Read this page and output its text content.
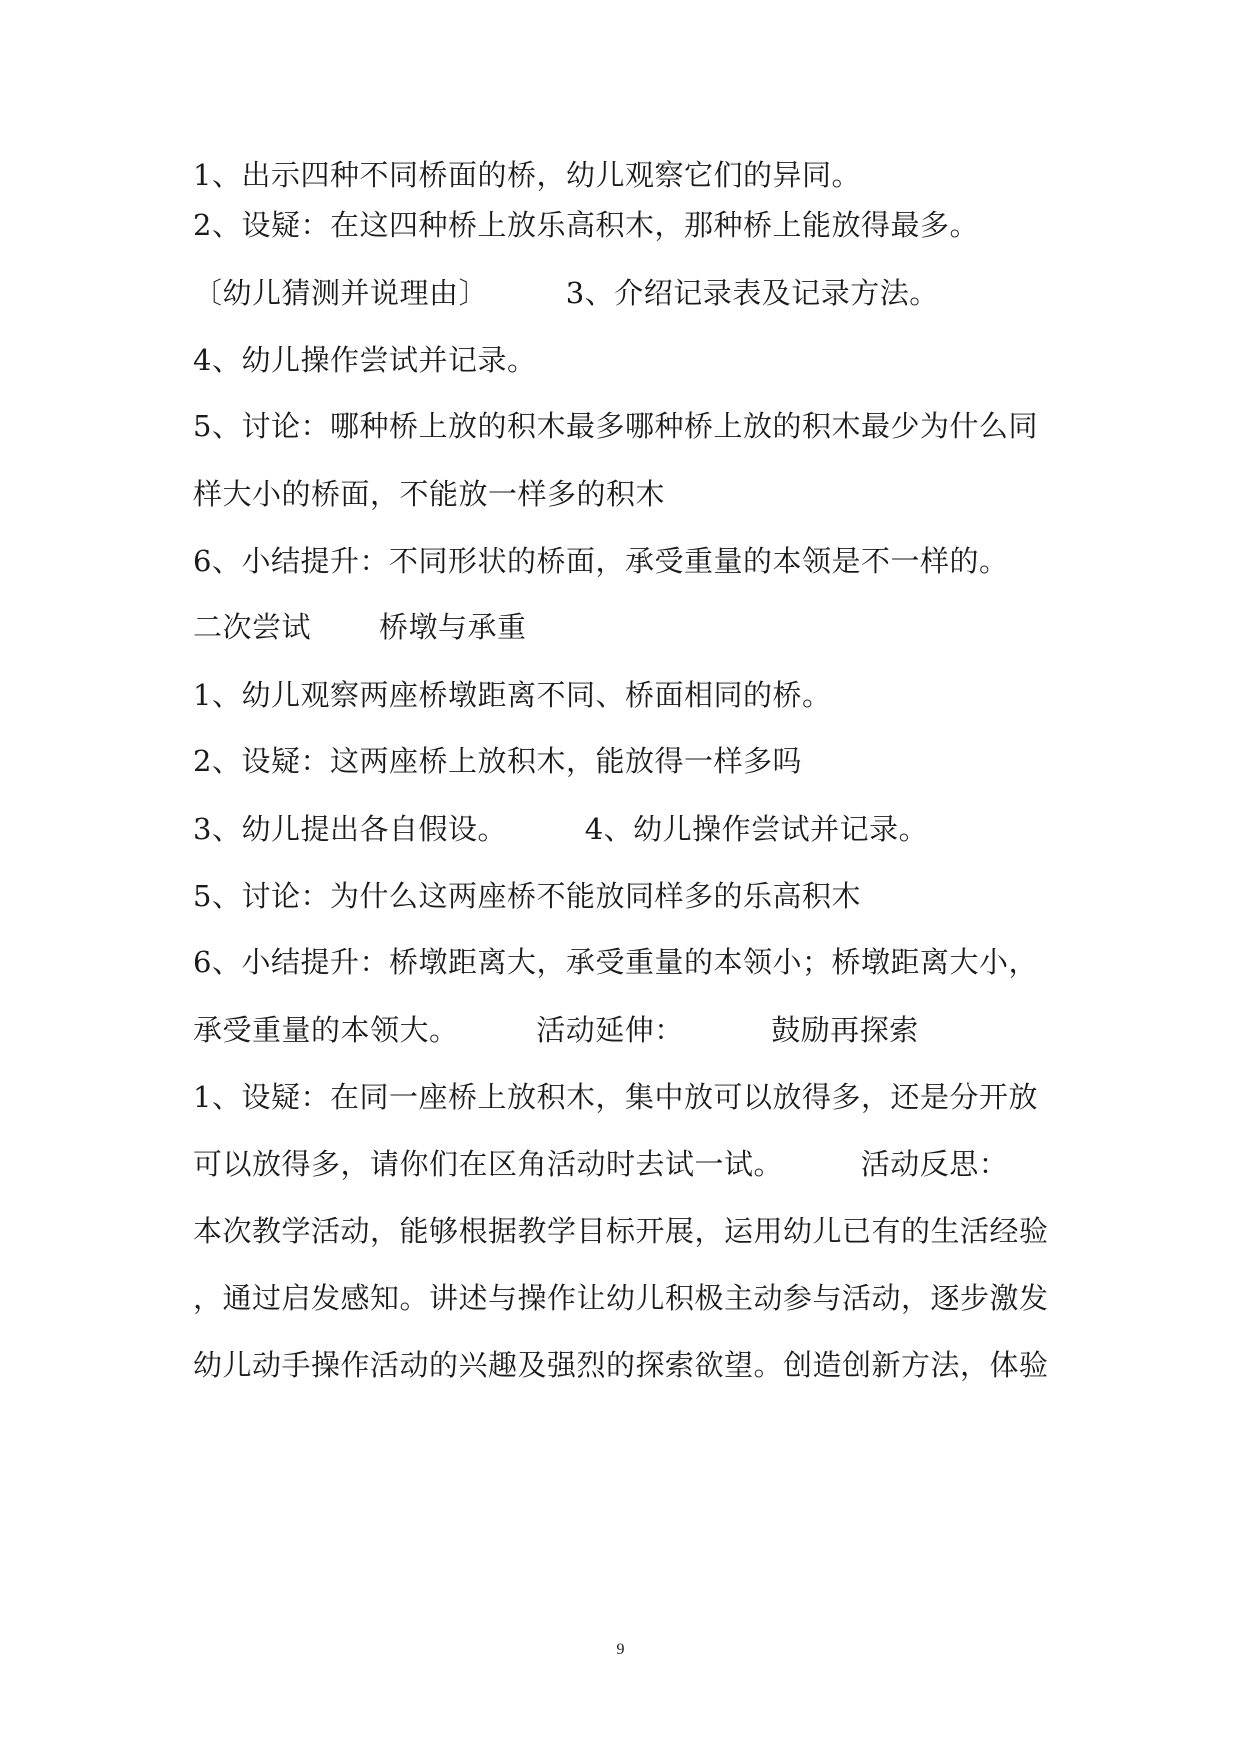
1、出示四种不同桥面的桥，幼儿观察它们的异同。
2、设疑：在这四种桥上放乐高积木，那种桥上能放得最多。
〔幼儿猜测并说理由〕        3、介绍记录表及记录方法。
4、幼儿操作尝试并记录。
5、讨论：哪种桥上放的积木最多哪种桥上放的积木最少为什么同
样大小的桥面，不能放一样多的积木
6、小结提升：不同形状的桥面，承受重量的本领是不一样的。
二次尝试       桥墩与承重
1、幼儿观察两座桥墩距离不同、桥面相同的桥。
2、设疑：这两座桥上放积木，能放得一样多吗
3、幼儿提出各自假设。        4、幼儿操作尝试并记录。
5、讨论：为什么这两座桥不能放同样多的乐高积木
6、小结提升：桥墩距离大，承受重量的本领小；桥墩距离大小，
承受重量的本领大。        活动延伸：         鼓励再探索
1、设疑：在同一座桥上放积木，集中放可以放得多，还是分开放
可以放得多，请你们在区角活动时去试一试。        活动反思：
本次教学活动，能够根据教学目标开展，运用幼儿已有的生活经验
，通过启发感知。讲述与操作让幼儿积极主动参与活动，逐步激发
幼儿动手操作活动的兴趣及强烈的探索欲望。创造创新方法，体验
9
